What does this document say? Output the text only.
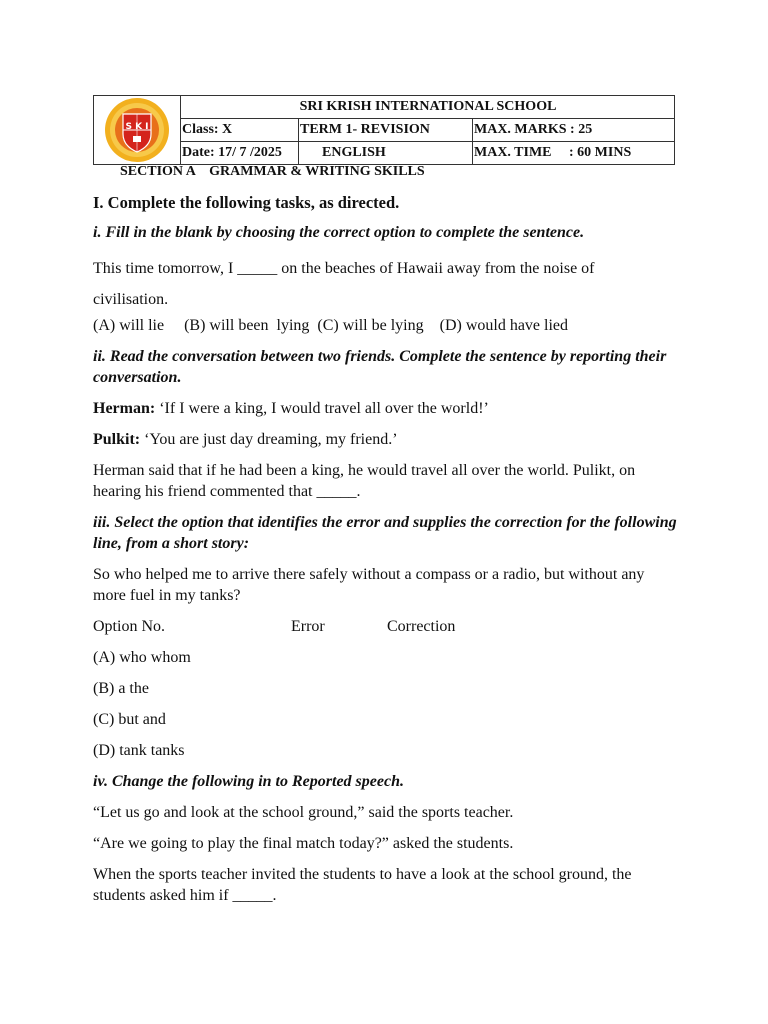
S K I	SRI KRISH INTERNATIONAL SCHOOL		
	Class: X	TERM 1- REVISION	MAX. MARKS : 25
	Date: 17/ 7 /2025	ENGLISH	MAX. TIME     : 60 MINS
SECTION A    GRAMMAR & WRITING SKILLS

I. Complete the following tasks, as directed.

i. Fill in the blank by choosing the correct option to complete the sentence.

This time tomorrow, I _____ on the beaches of Hawaii away from the noise of

civilisation.

(A) will lie     (B) will been  lying  (C) will be lying    (D) would have lied

ii. Read the conversation between two friends. Complete the sentence by reporting their conversation.

Herman: ‘If I were a king, I would travel all over the world!’

Pulkit: ‘You are just day dreaming, my friend.’

Herman said that if he had been a king, he would travel all over the world. Pulikt, on hearing his friend commented that _____.

iii. Select the option that identifies the error and supplies the correction for the following line, from a short story:

So who helped me to arrive there safely without a compass or a radio, but without any more fuel in my tanks?

Option No.	Error	Correction

(A) who whom

(B) a the

(C) but and

(D) tank tanks

iv. Change the following in to Reported speech.

“Let us go and look at the school ground,” said the sports teacher.

“Are we going to play the final match today?” asked the students.

When the sports teacher invited the students to have a look at the school ground, the students asked him if _____.
